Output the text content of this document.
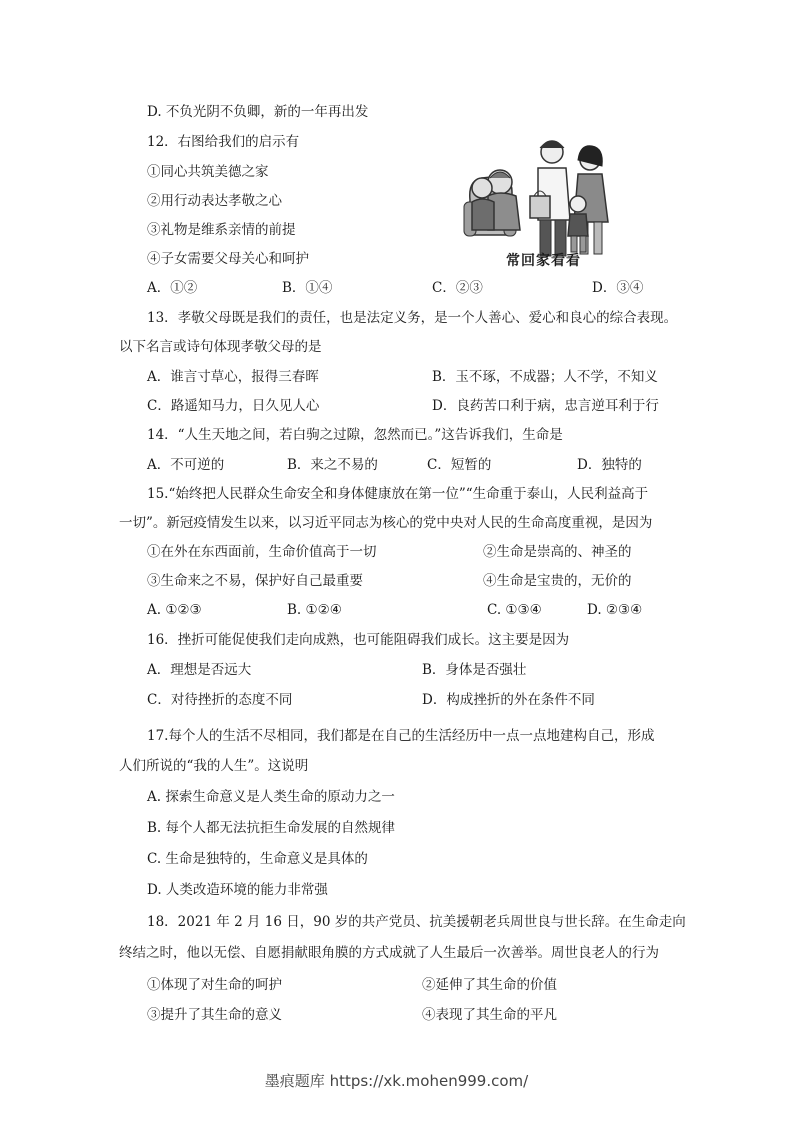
D. 不负光阴不负卿，新的一年再出发
12．右图给我们的启示有
①同心共筑美德之家
②用行动表达孝敬之心
③礼物是维系亲情的前提
④子女需要父母关心和呵护	常回家看看
A．①②	B．①④	C．②③	D．③④
13．孝敬父母既是我们的责任，也是法定义务，是一个人善心、爱心和良心的综合表现。
以下名言或诗句体现孝敬父母的是
A．谁言寸草心，报得三春晖	B．玉不琢，不成器；人不学，不知义
C．路遥知马力，日久见人心	D．良药苦口利于病，忠言逆耳利于行
14．“人生天地之间，若白驹之过隙，忽然而已。”这告诉我们，生命是
A．不可逆的	B．来之不易的	C．短暂的	D．独特的
15.“始终把人民群众生命安全和身体健康放在第一位”“生命重于泰山，人民利益高于
一切”。新冠疫情发生以来，以习近平同志为核心的党中央对人民的生命高度重视，是因为
①在外在东西面前，生命价值高于一切	②生命是崇高的、神圣的
③生命来之不易，保护好自己最重要	④生命是宝贵的，无价的
A. ①②③	B. ①②④	C. ①③④	D. ②③④
16．挫折可能促使我们走向成熟，也可能阻碍我们成长。这主要是因为
A．理想是否远大	B．身体是否强壮
C．对待挫折的态度不同	D．构成挫折的外在条件不同
17.每个人的生活不尽相同，我们都是在自己的生活经历中一点一点地建构自己，形成
人们所说的“我的人生”。这说明
A. 探索生命意义是人类生命的原动力之一
B. 每个人都无法抗拒生命发展的自然规律
C. 生命是独特的，生命意义是具体的
D. 人类改造环境的能力非常强
18．2021 年 2 月 16 日，90 岁的共产党员、抗美援朝老兵周世良与世长辞。在生命走向
终结之时，他以无偿、自愿捐献眼角膜的方式成就了人生最后一次善举。周世良老人的行为
①体现了对生命的呵护	②延伸了其生命的价值
③提升了其生命的意义	④表现了其生命的平凡
墨痕题库 https://xk.mohen999.com/
